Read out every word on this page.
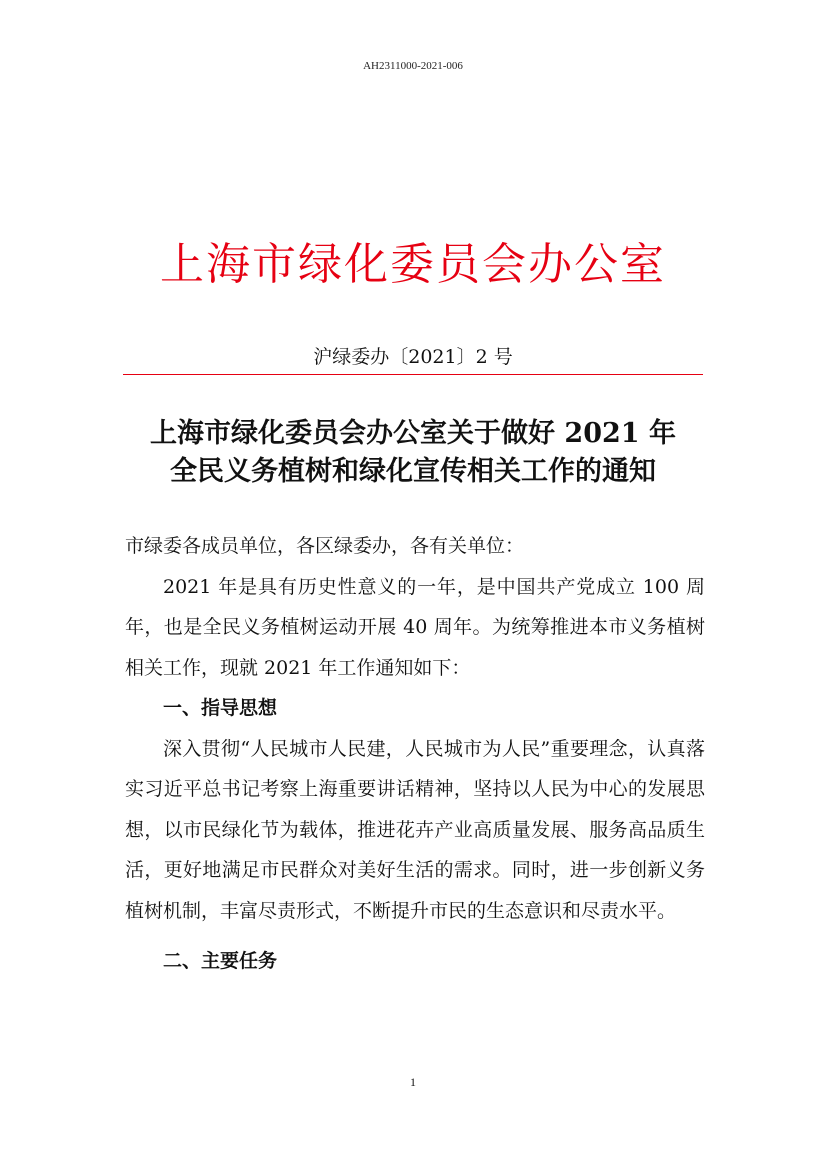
AH2311000-2021-006
上海市绿化委员会办公室
沪绿委办〔2021〕2 号
上海市绿化委员会办公室关于做好 2021 年
全民义务植树和绿化宣传相关工作的通知

市绿委各成员单位，各区绿委办，各有关单位：

2021 年是具有历史性意义的一年，是中国共产党成立 100 周年，也是全民义务植树运动开展 40 周年。为统筹推进本市义务植树相关工作，现就 2021 年工作通知如下：

一、指导思想

深入贯彻“人民城市人民建，人民城市为人民”重要理念，认真落实习近平总书记考察上海重要讲话精神，坚持以人民为中心的发展思想，以市民绿化节为载体，推进花卉产业高质量发展、服务高品质生活，更好地满足市民群众对美好生活的需求。同时，进一步创新义务植树机制，丰富尽责形式，不断提升市民的生态意识和尽责水平。

二、主要任务

1
